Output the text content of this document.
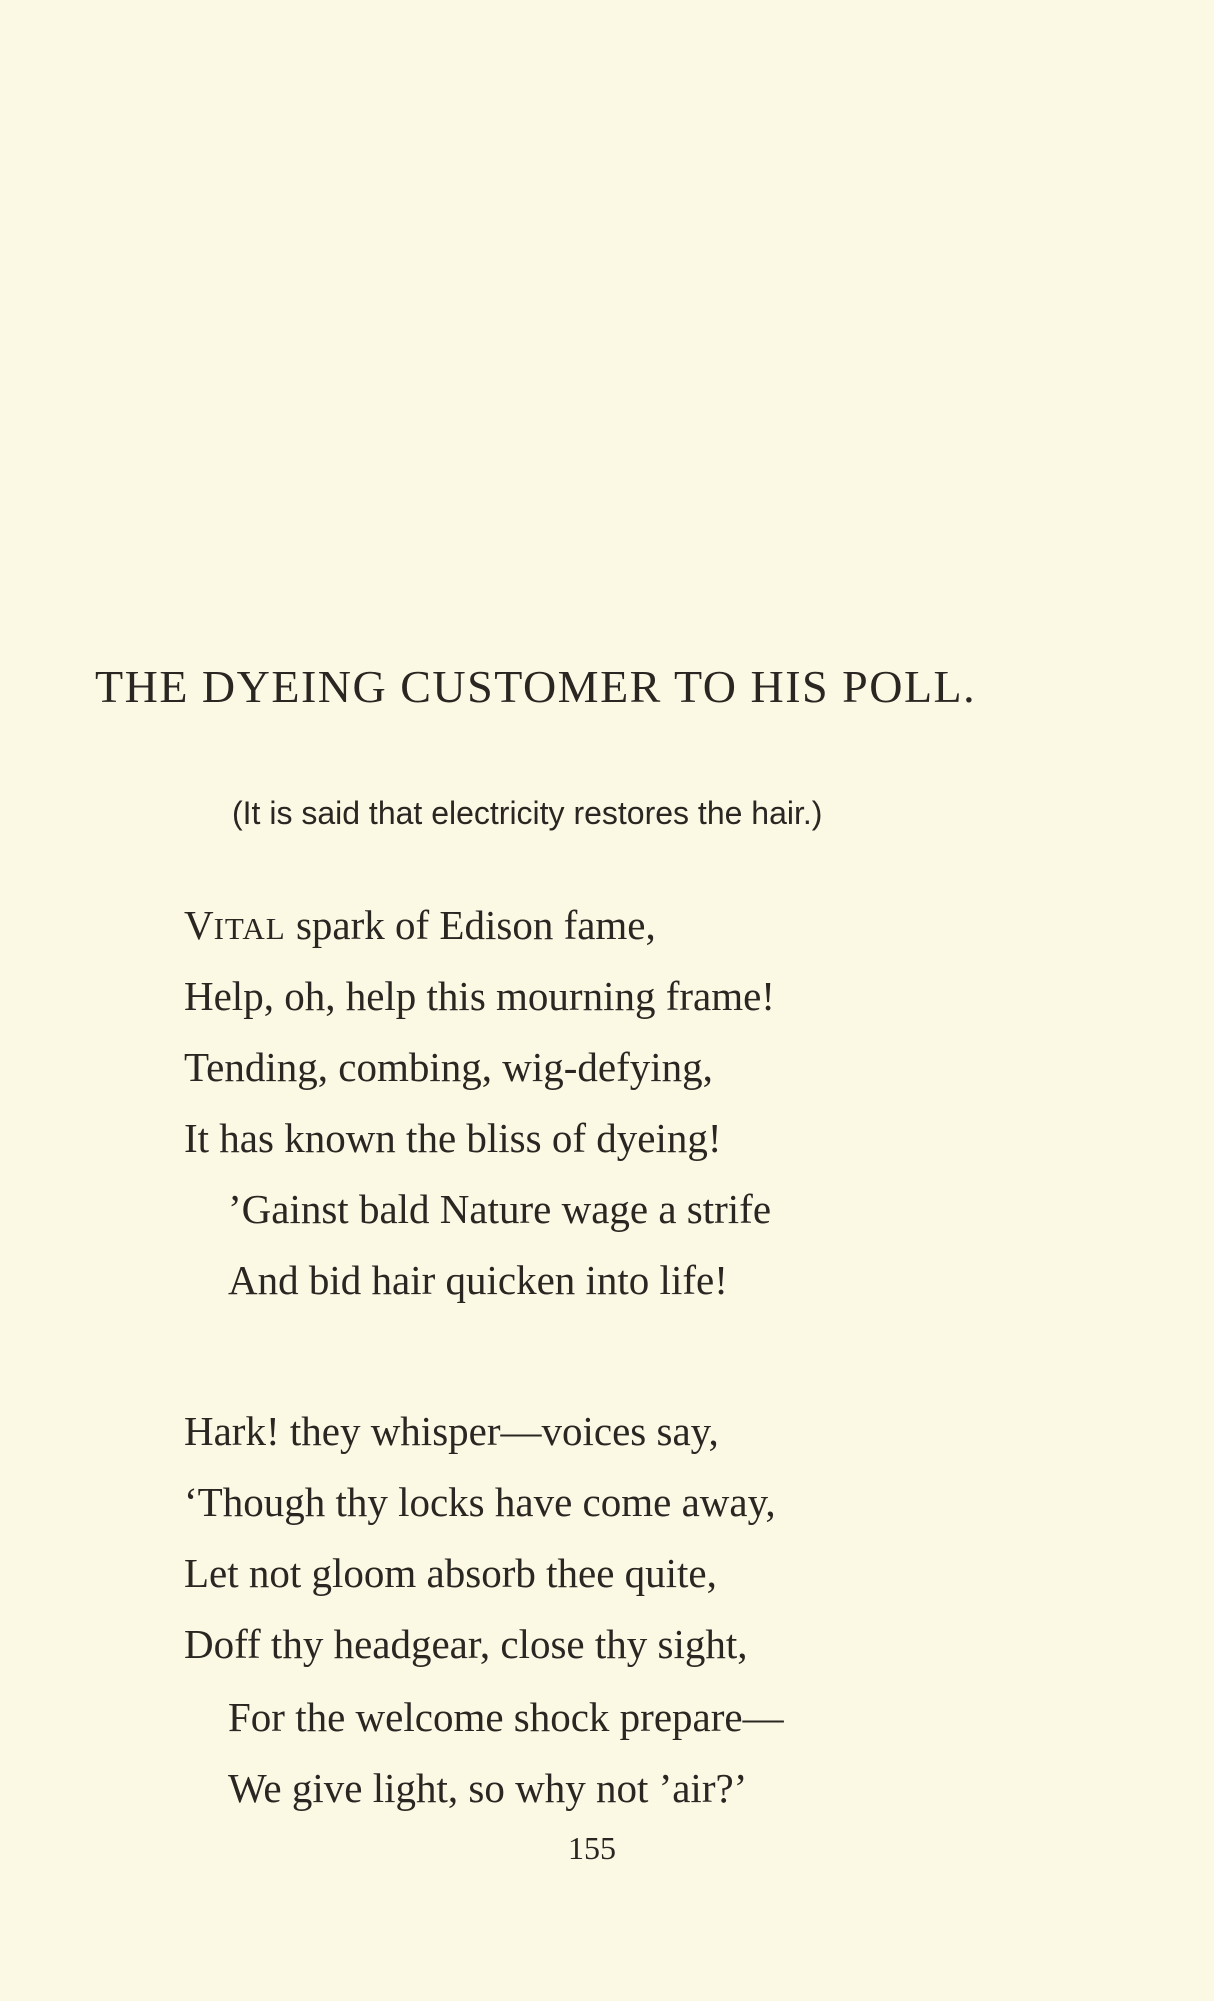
THE DYEING CUSTOMER TO HIS POLL.
(It is said that electricity restores the hair.)
VITAL spark of Edison fame,
Help, oh, help this mourning frame!
Tending, combing, wig-defying,
It has known the bliss of dyeing!
’Gainst bald Nature wage a strife
And bid hair quicken into life!
Hark! they whisper—voices say,
‘Though thy locks have come away,
Let not gloom absorb thee quite,
Doff thy headgear, close thy sight,
For the welcome shock prepare—
We give light, so why not ’air?’
155
